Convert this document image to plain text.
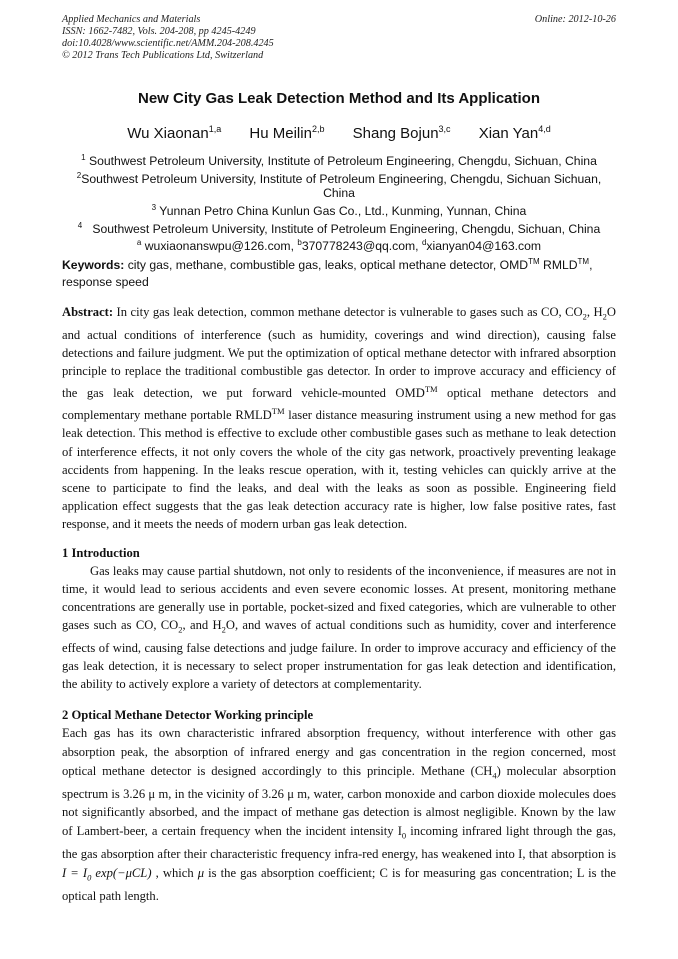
Applied Mechanics and Materials
ISSN: 1662-7482, Vols. 204-208, pp 4245-4249
doi:10.4028/www.scientific.net/AMM.204-208.4245
© 2012 Trans Tech Publications Ltd, Switzerland
Online: 2012-10-26
New City Gas Leak Detection Method and Its Application
Wu Xiaonan$^{1,a}$ Hu Meilin$^{2,b}$ Shang Bojun$^{3,c}$ Xian Yan$^{4,d}$
$^1$ Southwest Petroleum University, Institute of Petroleum Engineering, Chengdu, Sichuan, China
$^2$Southwest Petroleum University, Institute of Petroleum Engineering, Chengdu, Sichuan Sichuan, China
$^3$ Yunnan Petro China Kunlun Gas Co., Ltd., Kunming, Yunnan, China
$^4$ Southwest Petroleum University, Institute of Petroleum Engineering, Chengdu, Sichuan, China
$^a$ wuxiaonanswpu@126.com, $^b$370778243@qq.com, $^d$xianyan04@163.com
Keywords: city gas, methane, combustible gas, leaks, optical methane detector, OMD™ RMLD™, response speed

Abstract: In city gas leak detection, common methane detector is vulnerable to gases such as CO, $CO_2$, $H_2O$ and actual conditions of interference (such as humidity, coverings and wind direction), causing false detections and failure judgment. We put the optimization of optical methane detector with infrared absorption principle to replace the traditional combustible gas detector. In order to improve accuracy and efficiency of the gas leak detection, we put forward vehicle-mounted OMD™ optical methane detectors and complementary methane portable RMLD™ laser distance measuring instrument using a new method for gas leak detection. This method is effective to exclude other combustible gases such as methane to leak detection of interference effects, it not only covers the whole of the city gas network, proactively preventing leakage accidents from happening. In the leaks rescue operation, with it, testing vehicles can quickly arrive at the scene to participate to find the leaks, and deal with the leaks as soon as possible. Engineering field application effect suggests that the gas leak detection accuracy rate is higher, low false positive rates, fast response, and it meets the needs of modern urban gas leak detection.

1 Introduction

Gas leaks may cause partial shutdown, not only to residents of the inconvenience, if measures are not in time, it would lead to serious accidents and even severe economic losses. At present, monitoring methane concentrations are generally use in portable, pocket-sized and fixed categories, which are vulnerable to other gases such as CO, $CO_2$, and $H_2O$, and waves of actual conditions such as humidity, cover and interference effects of wind, causing false detections and judge failure. In order to improve accuracy and efficiency of the gas leak detection, it is necessary to select proper instrumentation for gas leak detection and identification, the ability to actively explore a variety of detectors at complementarity.

2 Optical Methane Detector Working principle

Each gas has its own characteristic infrared absorption frequency, without interference with other gas absorption peak, the absorption of infrared energy and gas concentration in the region concerned, most optical methane detector is designed accordingly to this principle. Methane $(CH_4)$ molecular absorption spectrum is 3.26 μ m, in the vicinity of 3.26 μ m, water, carbon monoxide and carbon dioxide molecules does not significantly absorbed, and the impact of methane gas detection is almost negligible. Known by the law of Lambert-beer, a certain frequency when the incident intensity $I_0$ incoming infrared light through the gas, the gas absorption after their characteristic frequency infra-red energy, has weakened into I, that absorption is $I = I_0$ exp(−μCL) , which μ is the gas absorption coefficient; C is for measuring gas concentration; L is the optical path length.
